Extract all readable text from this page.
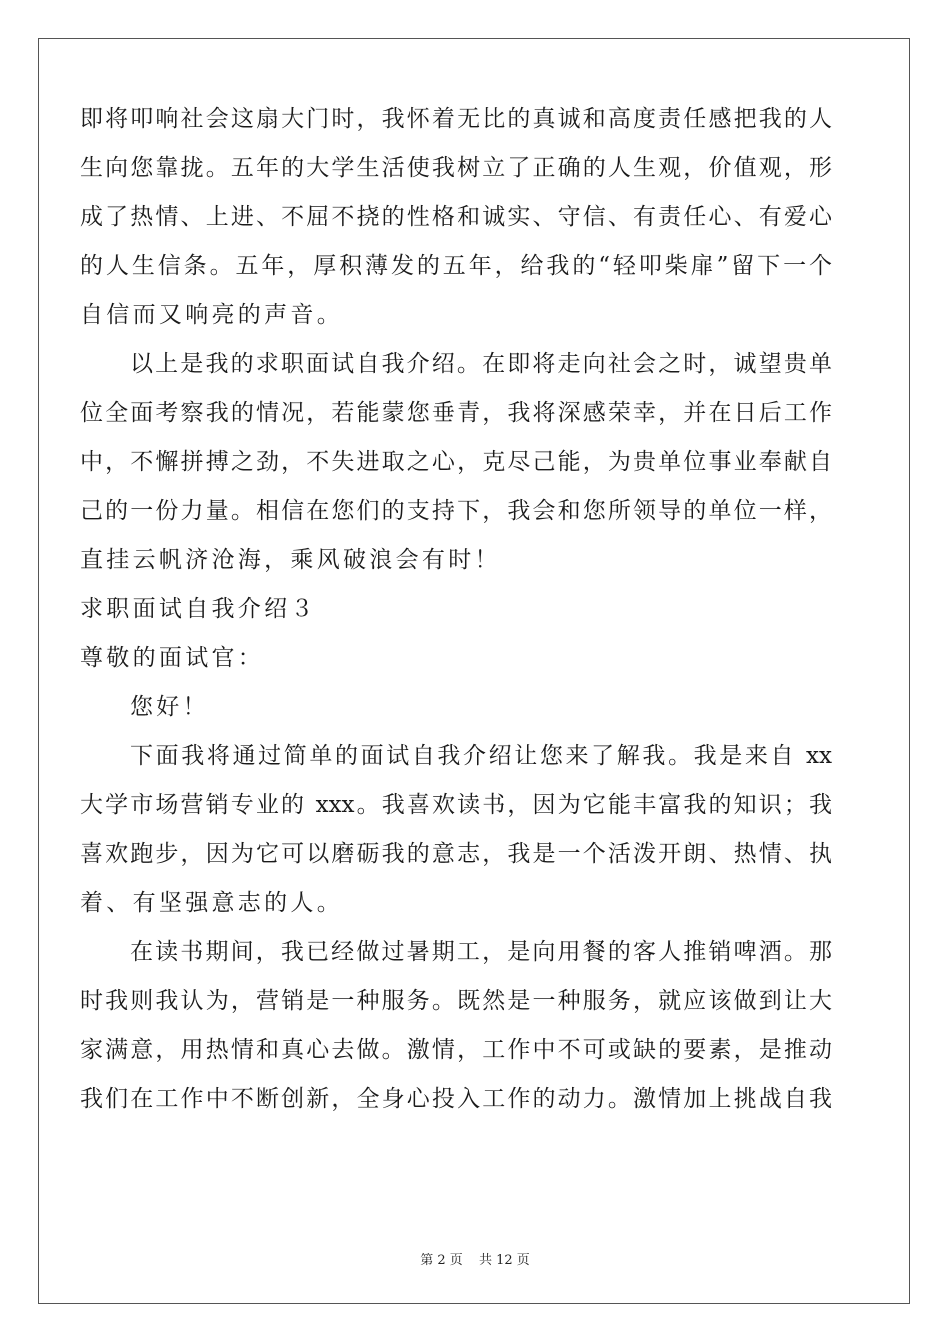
即将叩响社会这扇大门时，我怀着无比的真诚和高度责任感把我的人
生向您靠拢。五年的大学生活使我树立了正确的人生观，价值观，形
成了热情、上进、不屈不挠的性格和诚实、守信、有责任心、有爱心
的人生信条。五年，厚积薄发的五年，给我的“轻叩柴扉”留下一个
自信而又响亮的声音。
以上是我的求职面试自我介绍。在即将走向社会之时，诚望贵单
位全面考察我的情况，若能蒙您垂青，我将深感荣幸，并在日后工作
中，不懈拼搏之劲，不失进取之心，克尽己能，为贵单位事业奉献自
己的一份力量。相信在您们的支持下，我会和您所领导的单位一样，
直挂云帆济沧海，乘风破浪会有时！
求职面试自我介绍３
尊敬的面试官：
您好！
下面我将通过简单的面试自我介绍让您来了解我。我是来自 xx
大学市场营销专业的 xxx。我喜欢读书，因为它能丰富我的知识；我
喜欢跑步，因为它可以磨砺我的意志，我是一个活泼开朗、热情、执
着、有坚强意志的人。
在读书期间，我已经做过暑期工，是向用餐的客人推销啤酒。那
时我则我认为，营销是一种服务。既然是一种服务，就应该做到让大
家满意，用热情和真心去做。激情，工作中不可或缺的要素，是推动
我们在工作中不断创新，全身心投入工作的动力。激情加上挑战自我
第 2 页 共 12 页
